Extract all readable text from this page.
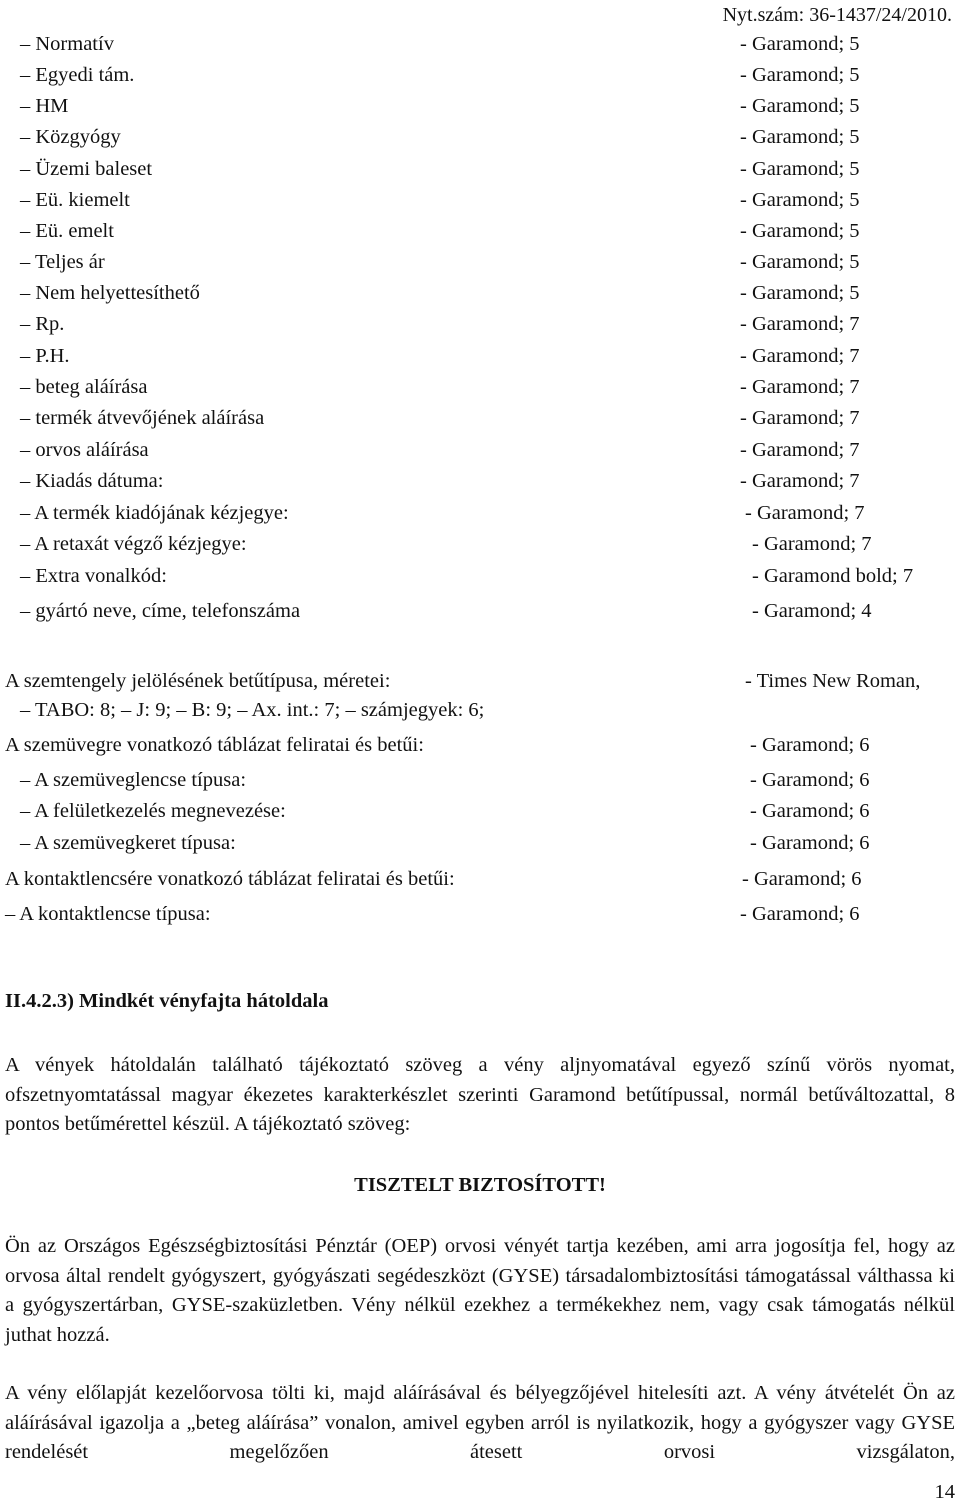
Nyt.szám: 36-1437/24/2010.
– Normatív	- Garamond; 5
– Egyedi tám.	- Garamond; 5
– HM	- Garamond; 5
– Közgyógy	- Garamond; 5
– Üzemi baleset	- Garamond; 5
– Eü. kiemelt	- Garamond; 5
– Eü. emelt	- Garamond; 5
– Teljes ár	- Garamond; 5
– Nem helyettesíthető	- Garamond; 5
– Rp.	- Garamond; 7
– P.H.	- Garamond; 7
– beteg aláírása	- Garamond; 7
– termék átvevőjének aláírása	- Garamond; 7
– orvos aláírása	- Garamond; 7
– Kiadás dátuma:	- Garamond; 7
– A termék kiadójának kézjegye:	- Garamond; 7
– A retaxát végző kézjegye:	- Garamond; 7
– Extra vonalkód:	- Garamond bold; 7
– gyártó neve, címe, telefonszáma	- Garamond; 4
A szemtengely jelölésének betűtípusa, méretei:	- Times New Roman,
– TABO: 8; – J: 9; – B: 9; – Ax. int.: 7; – számjegyek: 6;
A szemüvegre vonatkozó táblázat feliratai és betűi:	- Garamond; 6
– A szemüveglencse típusa:	- Garamond; 6
– A felületkezelés megnevezése:	- Garamond; 6
– A szemüvegkeret típusa:	- Garamond; 6
A kontaktlencsére vonatkozó táblázat feliratai és betűi:	- Garamond; 6
– A kontaktlencse típusa:	- Garamond; 6
II.4.2.3) Mindkét vényfajta hátoldala
A vények hátoldalán található tájékoztató szöveg a vény aljnyomatával egyező színű vörös nyomat, ofszetnyomtatással magyar ékezetes karakterkészlet szerinti Garamond betűtípussal, normál betűváltozattal, 8 pontos betűmérettel készül. A tájékoztató szöveg:
TISZTELT BIZTOSÍTOTT!
Ön az Országos Egészségbiztosítási Pénztár (OEP) orvosi vényét tartja kezében, ami arra jogosítja fel, hogy az orvosa által rendelt gyógyszert, gyógyászati segédeszközt (GYSE) társadalombiztosítási támogatással válthassa ki a gyógyszertárban, GYSE-szaküzletben. Vény nélkül ezekhez a termékekhez nem, vagy csak támogatás nélkül juthat hozzá.
A vény előlapját kezelőorvosa tölti ki, majd aláírásával és bélyegzőjével hitelesíti azt. A vény átvételét Ön az aláírásával igazolja a „beteg aláírása” vonalon, amivel egyben arról is nyilatkozik, hogy a gyógyszer vagy GYSE rendelését megelőzően átesett orvosi vizsgálaton,
14
